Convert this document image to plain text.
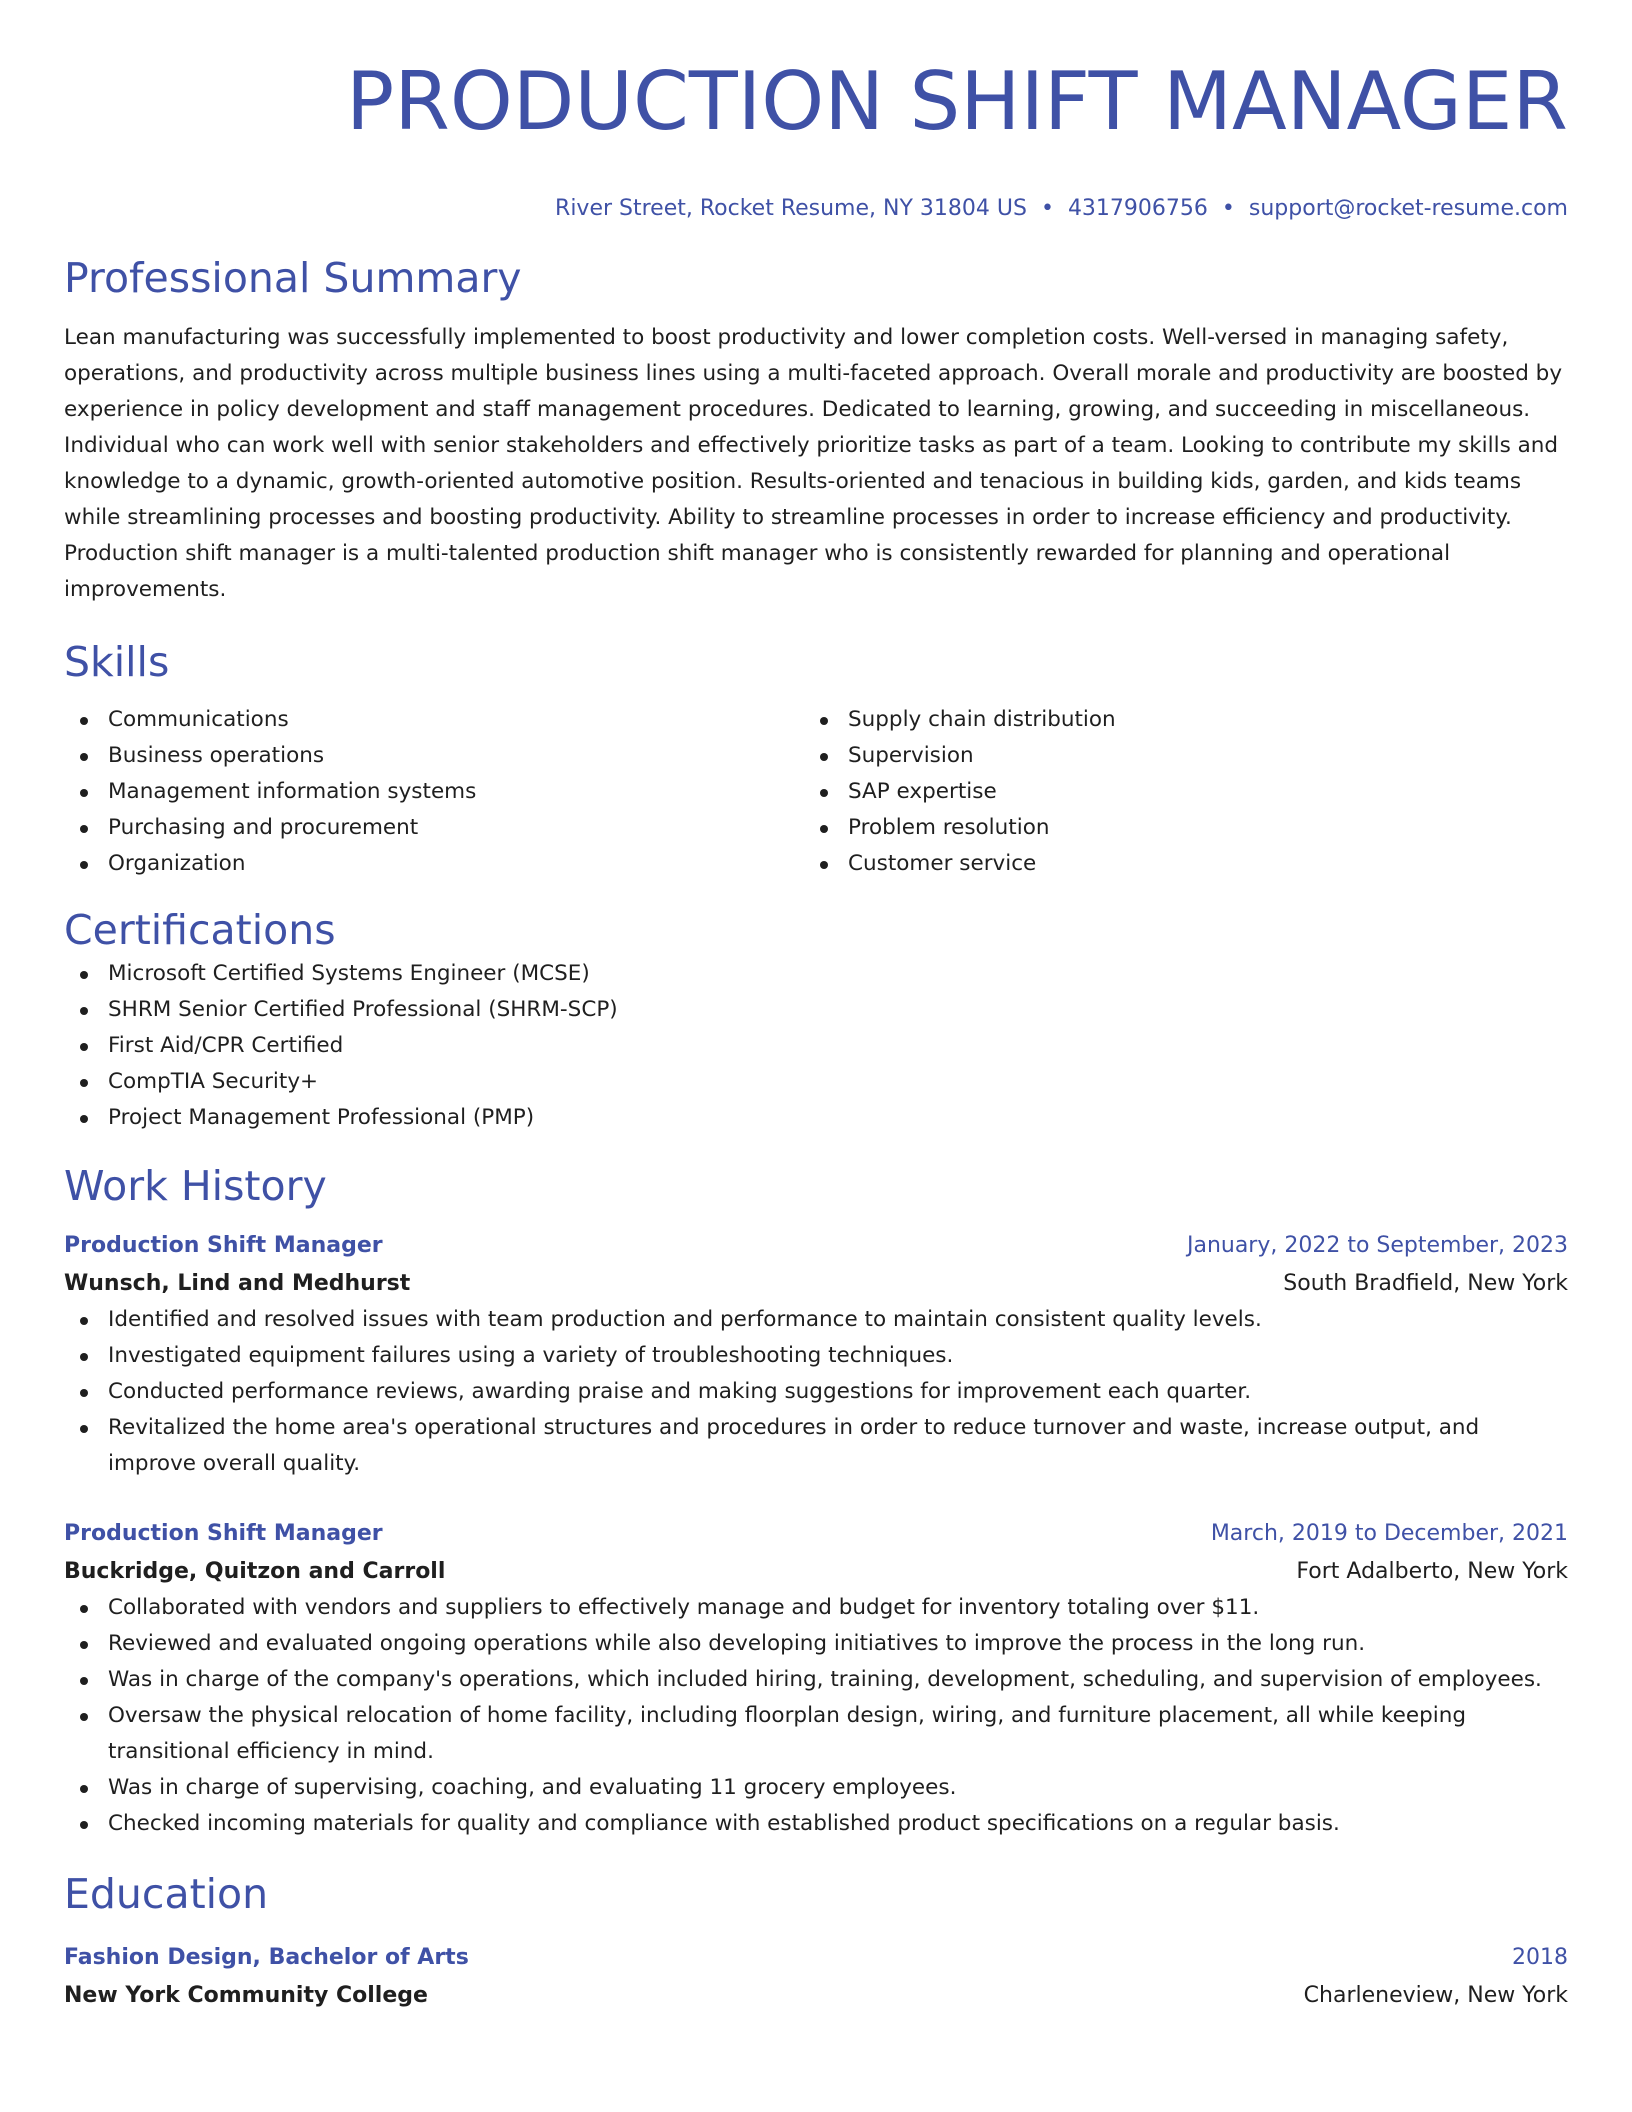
PRODUCTION SHIFT MANAGER
River Street, Rocket Resume, NY 31804 US • 4317906756 • support@rocket-resume.com
Professional Summary

Lean manufacturing was successfully implemented to boost productivity and lower completion costs. Well-versed in managing safety, operations, and productivity across multiple business lines using a multi-faceted approach. Overall morale and productivity are boosted by experience in policy development and staff management procedures. Dedicated to learning, growing, and succeeding in miscellaneous. Individual who can work well with senior stakeholders and effectively prioritize tasks as part of a team. Looking to contribute my skills and knowledge to a dynamic, growth-oriented automotive position. Results-oriented and tenacious in building kids, garden, and kids teams while streamlining processes and boosting productivity. Ability to streamline processes in order to increase efficiency and productivity. Production shift manager is a multi-talented production shift manager who is consistently rewarded for planning and operational improvements.

Skills
Communications
Business operations
Management information systems
Purchasing and procurement
Organization
Supply chain distribution
Supervision
SAP expertise
Problem resolution
Customer service
Certifications
Microsoft Certified Systems Engineer (MCSE)
SHRM Senior Certified Professional (SHRM-SCP)
First Aid/CPR Certified
CompTIA Security+
Project Management Professional (PMP)
Work History
Production Shift Manager	January, 2022 to September, 2023
Wunsch, Lind and Medhurst	South Bradfield, New York
Identified and resolved issues with team production and performance to maintain consistent quality levels.
Investigated equipment failures using a variety of troubleshooting techniques.
Conducted performance reviews, awarding praise and making suggestions for improvement each quarter.
Revitalized the home area's operational structures and procedures in order to reduce turnover and waste, increase output, and improve overall quality.
Production Shift Manager	March, 2019 to December, 2021
Buckridge, Quitzon and Carroll	Fort Adalberto, New York
Collaborated with vendors and suppliers to effectively manage and budget for inventory totaling over $11.
Reviewed and evaluated ongoing operations while also developing initiatives to improve the process in the long run.
Was in charge of the company's operations, which included hiring, training, development, scheduling, and supervision of employees.
Oversaw the physical relocation of home facility, including floorplan design, wiring, and furniture placement, all while keeping transitional efficiency in mind.
Was in charge of supervising, coaching, and evaluating 11 grocery employees.
Checked incoming materials for quality and compliance with established product specifications on a regular basis.
Education
Fashion Design, Bachelor of Arts	2018
New York Community College	Charleneview, New York
